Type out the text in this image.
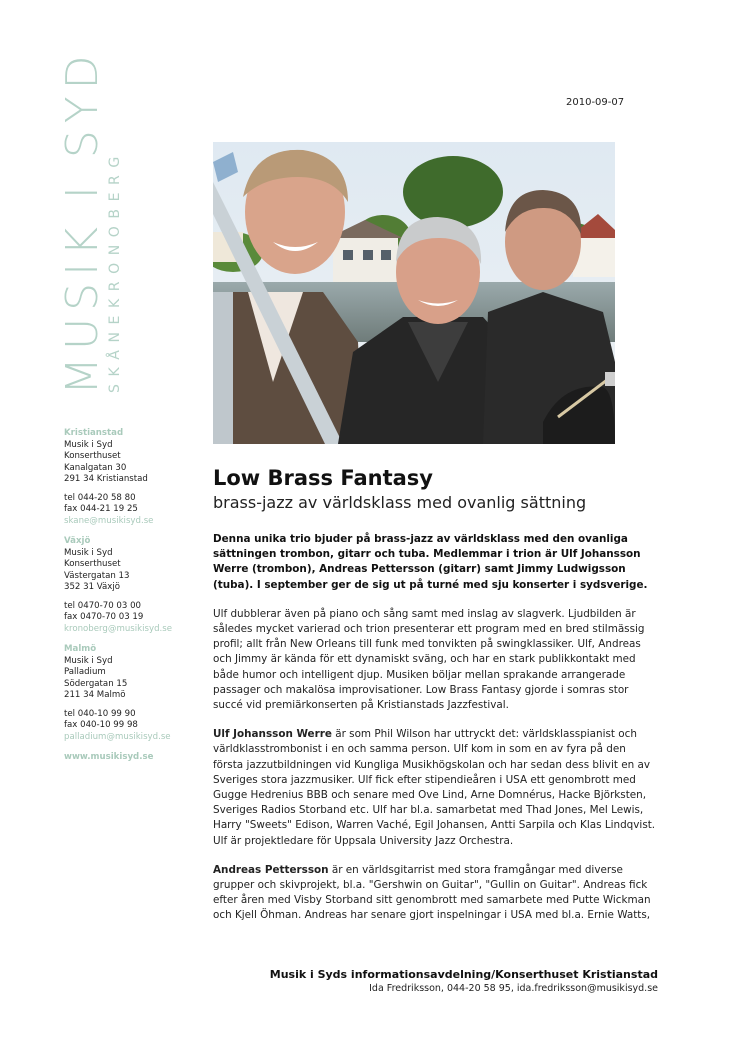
MUSIK I SYD SKÅNEKRONOBERG
2010-09-07
Kristianstad
Musik i Syd
Konserthuset
Kanalgatan 30
291 34 Kristianstad
tel 044-20 58 80
fax 044-21 19 25
skane@musikisyd.se
Växjö
Musik i Syd
Konserthuset
Västergatan 13
352 31 Växjö
tel 0470-70 03 00
fax 0470-70 03 19
kronoberg@musikisyd.se
Malmö
Musik i Syd
Palladium
Södergatan 15
211 34 Malmö
tel 040-10 99 90
fax 040-10 99 98
palladium@musikisyd.se
www.musikisyd.se
Low Brass Fantasy
brass-jazz av världsklass med ovanlig sättning

Denna unika trio bjuder på brass-jazz av världsklass med den ovanliga sättningen trombon, gitarr och tuba. Medlemmar i trion är Ulf Johansson Werre (trombon), Andreas Pettersson (gitarr) samt Jimmy Ludwigsson (tuba). I september ger de sig ut på turné med sju konserter i sydsverige.

Ulf dubblerar även på piano och sång samt med inslag av slagverk. Ljudbilden är således mycket varierad och trion presenterar ett program med en bred stilmässig profil; allt från New Orleans till funk med tonvikten på swingklassiker. Ulf, Andreas och Jimmy är kända för ett dynamiskt sväng, och har en stark publikkontakt med både humor och intelligent djup. Musiken böljar mellan sprakande arrangerade passager och makalösa improvisationer. Low Brass Fantasy gjorde i somras stor succé vid premiärkonserten på Kristianstads Jazzfestival.

Ulf Johansson Werre är som Phil Wilson har uttryckt det: världsklasspianist och världklasstrombonist i en och samma person. Ulf kom in som en av fyra på den första jazzutbildningen vid Kungliga Musikhögskolan och har sedan dess blivit en av Sveriges stora jazzmusiker. Ulf fick efter stipendieåren i USA ett genombrott med Gugge Hedrenius BBB och senare med Ove Lind, Arne Domnérus, Hacke Björksten, Sveriges Radios Storband etc. Ulf har bl.a. samarbetat med Thad Jones, Mel Lewis, Harry "Sweets" Edison, Warren Vaché, Egil Johansen, Antti Sarpila och Klas Lindqvist. Ulf är projektledare för Uppsala University Jazz Orchestra.

Andreas Pettersson är en världsgitarrist med stora framgångar med diverse grupper och skivprojekt, bl.a. "Gershwin on Guitar", "Gullin on Guitar". Andreas fick efter åren med Visby Storband sitt genombrott med samarbete med Putte Wickman och Kjell Öhman. Andreas har senare gjort inspelningar i USA med bl.a. Ernie Watts,

Musik i Syds informationsavdelning/Konserthuset Kristianstad
Ida Fredriksson, 044-20 58 95, ida.fredriksson@musikisyd.se
